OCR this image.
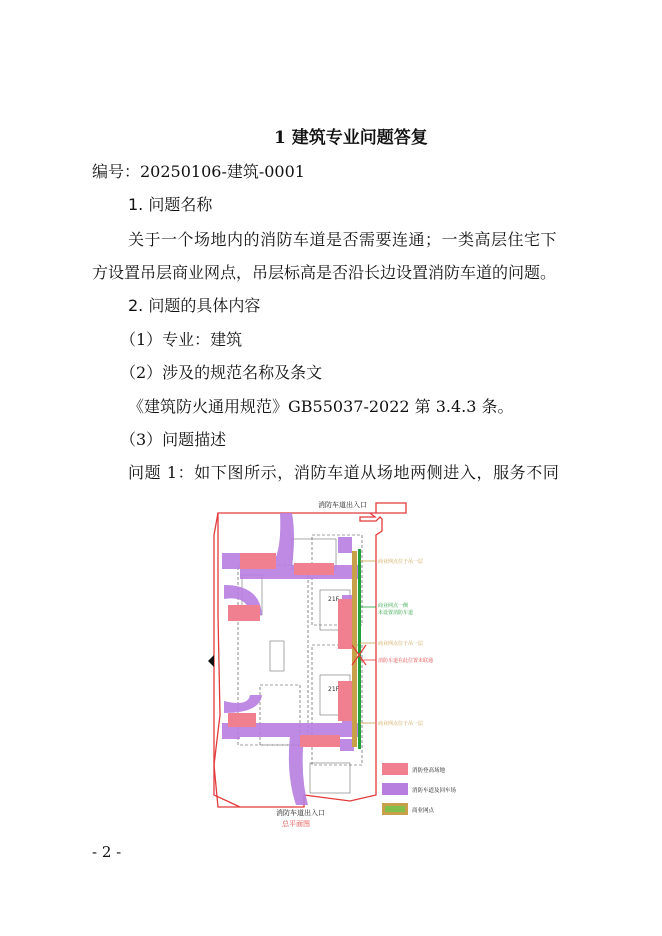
1 建筑专业问题答复
编号：20250106-建筑-0001
1. 问题名称
关于一个场地内的消防车道是否需要连通；一类高层住宅下
方设置吊层商业网点，吊层标高是否沿长边设置消防车道的问题。
2. 问题的具体内容
（1）专业：建筑
（2）涉及的规范名称及条文
《建筑防火通用规范》GB55037-2022 第 3.4.3 条。
（3）问题描述
问题 1：如下图所示，消防车道从场地两侧进入，服务不同
消防车道出入口
21F
21F
商业网点位于吊一层
商业网点一侧
未设置消防车道
商业网点位于吊一层
消防车道在此位置未联通
商业网点位于吊一层
消防车道出入口
总平面图
消防登高场地
消防车道及回车场
商业网点
- 2 -
